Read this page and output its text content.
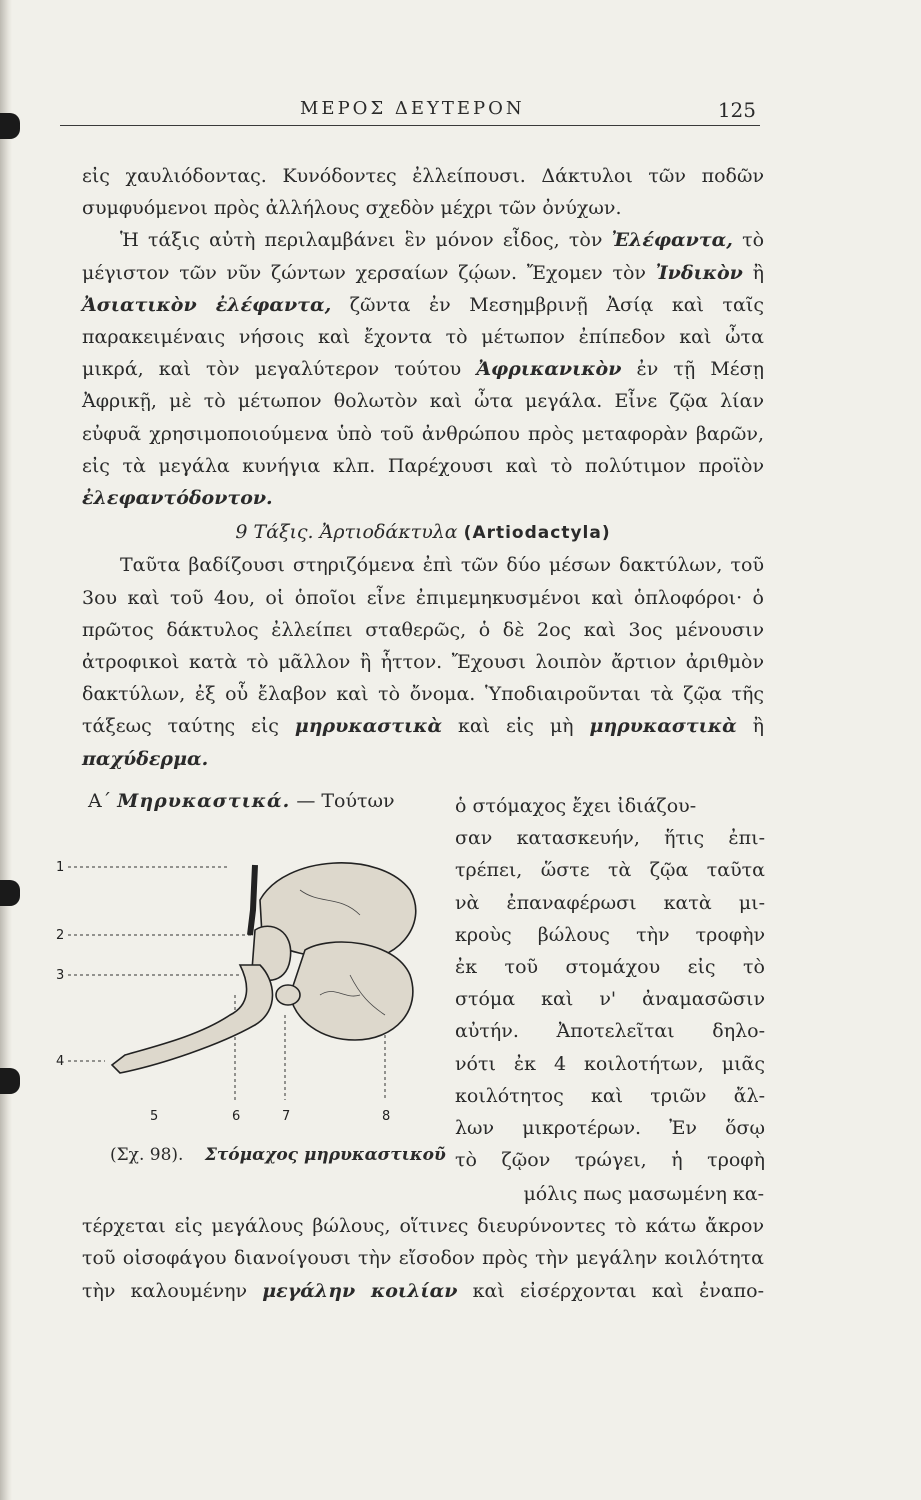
ΜΕΡΟΣ ΔΕΥΤΕΡΟΝ	125

εἰς χαυλιόδοντας. Κυνόδοντες ἐλλείπουσι. Δάκτυλοι τῶν ποδῶν συμφυόμενοι πρὸς ἀλλήλους σχεδὸν μέχρι τῶν ὀνύχων.

Ἡ τάξις αὐτὴ περιλαμβάνει ἓν μόνον εἶδος, τὸν Ἐλέφαντα, τὸ μέγιστον τῶν νῦν ζώντων χερσαίων ζῴων. Ἔχομεν τὸν Ἰνδικὸν ἢ Ἀσιατικὸν ἐλέφαντα, ζῶντα ἐν Μεσημβρινῇ Ἀσίᾳ καὶ ταῖς παρακειμέναις νήσοις καὶ ἔχοντα τὸ μέτωπον ἐπίπεδον καὶ ὦτα μικρά, καὶ τὸν μεγαλύτερον τούτου Ἀφρικανικὸν ἐν τῇ Μέσῃ Ἀφρικῇ, μὲ τὸ μέτωπον θολωτὸν καὶ ὦτα μεγάλα. Εἶνε ζῷα λίαν εὐφυᾶ χρησιμοποιούμενα ὑπὸ τοῦ ἀνθρώπου πρὸς μεταφορὰν βαρῶν, εἰς τὰ μεγάλα κυνήγια κλπ. Παρέχουσι καὶ τὸ πολύτιμον προϊὸν ἐλεφαντόδοντον.

9 Τάξις. Ἀρτιοδάκτυλα (Artiodactyla)

Ταῦτα βαδίζουσι στηριζόμενα ἐπὶ τῶν δύο μέσων δακτύλων, τοῦ 3ου καὶ τοῦ 4ου, οἱ ὁποῖοι εἶνε ἐπιμεμηκυσμένοι καὶ ὁπλοφόροι· ὁ πρῶτος δάκτυλος ἐλλείπει σταθερῶς, ὁ δὲ 2ος καὶ 3ος μένουσιν ἀτροφικοὶ κατὰ τὸ μᾶλλον ἢ ἧττον. Ἔχουσι λοιπὸν ἄρτιον ἀριθμὸν δακτύλων, ἐξ οὗ ἔλαβον καὶ τὸ ὄνομα. Ὑποδιαιροῦνται τὰ ζῷα τῆς τάξεως ταύτης εἰς μηρυκαστικὰ καὶ εἰς μὴ μηρυκαστικὰ ἢ παχύδερμα.

Α΄ Μηρυκαστικά. — Τούτων	ὁ στόμαχος ἔχει ἰδιάζου-
σαν κατασκευήν, ἥτις ἐπι-
τρέπει, ὥστε τὰ ζῷα ταῦτα
νὰ ἐπαναφέρωσι κατὰ μι-
κροὺς βώλους τὴν τροφὴν
ἐκ τοῦ στομάχου εἰς τὸ
στόμα καὶ ν' ἀναμασῶσιν
αὐτήν. Ἀποτελεῖται δηλο-
νότι ἐκ 4 κοιλοτήτων, μιᾶς
κοιλότητος καὶ τριῶν ἄλ-
λων μικροτέρων. Ἐν ὅσῳ
τὸ ζῷον τρώγει, ἡ τροφὴ
1
2
3
4
5	6	7	8
(Σχ. 98). Στόμαχος μηρυκαστικοῦ
μόλις πως μασωμένη κα-
τέρχεται εἰς μεγάλους βώλους, οἵτινες διευρύνοντες τὸ κάτω ἄκρον
τοῦ οἰσοφάγου διανοίγουσι τὴν εἴσοδον πρὸς τὴν μεγάλην κοιλότητα
τὴν καλουμένην μεγάλην κοιλίαν καὶ εἰσέρχονται καὶ ἐναπο-
